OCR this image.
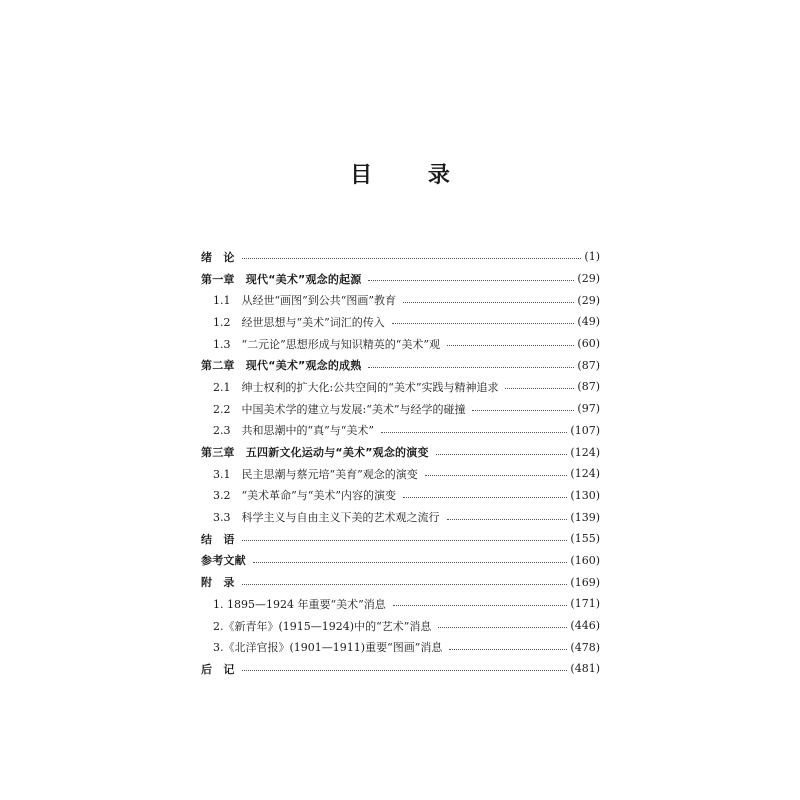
目 录
绪　论	(1)
第一章　现代“美术”观念的起源	(29)
1.1　从经世“画图”到公共“图画”教育	(29)
1.2　经世思想与“美术”词汇的传入	(49)
1.3　“二元论”思想形成与知识精英的“美术”观	(60)
第二章　现代“美术”观念的成熟	(87)
2.1　绅士权利的扩大化:公共空间的“美术”实践与精神追求	(87)
2.2　中国美术学的建立与发展:“美术”与经学的碰撞	(97)
2.3　共和思潮中的“真”与“美术”	(107)
第三章　五四新文化运动与“美术”观念的演变	(124)
3.1　民主思潮与蔡元培“美育”观念的演变	(124)
3.2　“美术革命”与“美术”内容的演变	(130)
3.3　科学主义与自由主义下美的艺术观之流行	(139)
结　语	(155)
参考文献	(160)
附　录	(169)
1. 1895—1924 年重要“美术”消息	(171)
2.《新青年》(1915—1924)中的“艺术”消息	(446)
3.《北洋官报》(1901—1911)重要“图画”消息	(478)
后　记	(481)
